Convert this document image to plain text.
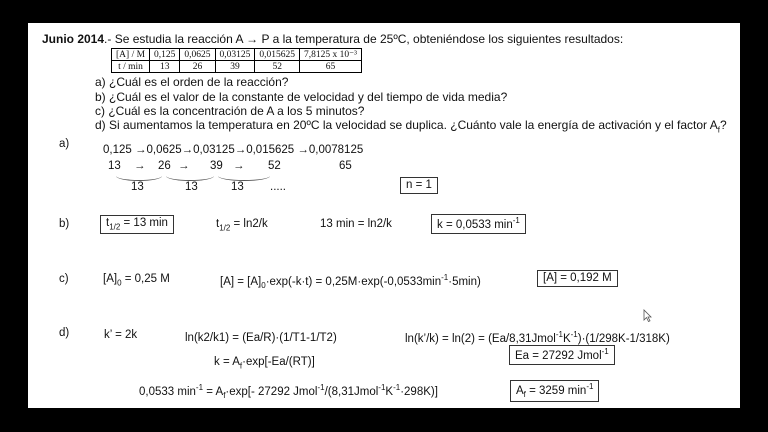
Junio 2014.- Se estudia la reacción A → P a la temperatura de 25ºC, obteniéndose los siguientes resultados:
[A] / M	0,125	0,0625	0,03125	0,015625	7,8125 x 10⁻³
t / min	13	26	39	52	65
a) ¿Cuál es el orden de la reacción?
b) ¿Cuál es el valor de la constante de velocidad y del tiempo de vida media?
c) ¿Cuál es la concentración de A a los 5 minutos?
d) Si aumentamos la temperatura en 20ºC la velocidad se duplica. ¿Cuánto vale la energía de activación y el factor $A_f$?
a)	0,125 →0,0625→0,03125→0,015625 →0,0078125
13 → 26 → 39 → 52	65
13	13	13 .....	n = 1
b)	$t_{1/2} = 13$ min	$t_{1/2} = \ln 2/k$	13 min = ln2/k	k = 0,0533 $\min^{-1}$
c)	$[A]_0 = 0,25$ M	$[A] = [A]_0\cdot\exp(-k\cdot t) = 0,25M\cdot\exp(-0,0533\min^{-1}\cdot 5\min)$	[A] = 0,192 M
d)	k’ = 2k	ln(k2/k1) = (Ea/R)·(1/T1-1/T2)	ln(k’/k) = $\ln(2) = (Ea/8,31Jmol^{-1}K^{-1})\cdot(1/298K-1/318K)$
$k = A_f\cdot\exp[-Ea/(RT)]$
Ea = 27292 Jmol$^{-1}$
0,0533 $\min^{-1} = A_f\cdot\exp[-$ 27292 $Jmol^{-1}/(8,31Jmol^{-1}K^{-1}\cdot 298K)$]	$A_f = 3259$ $\min^{-1}$
